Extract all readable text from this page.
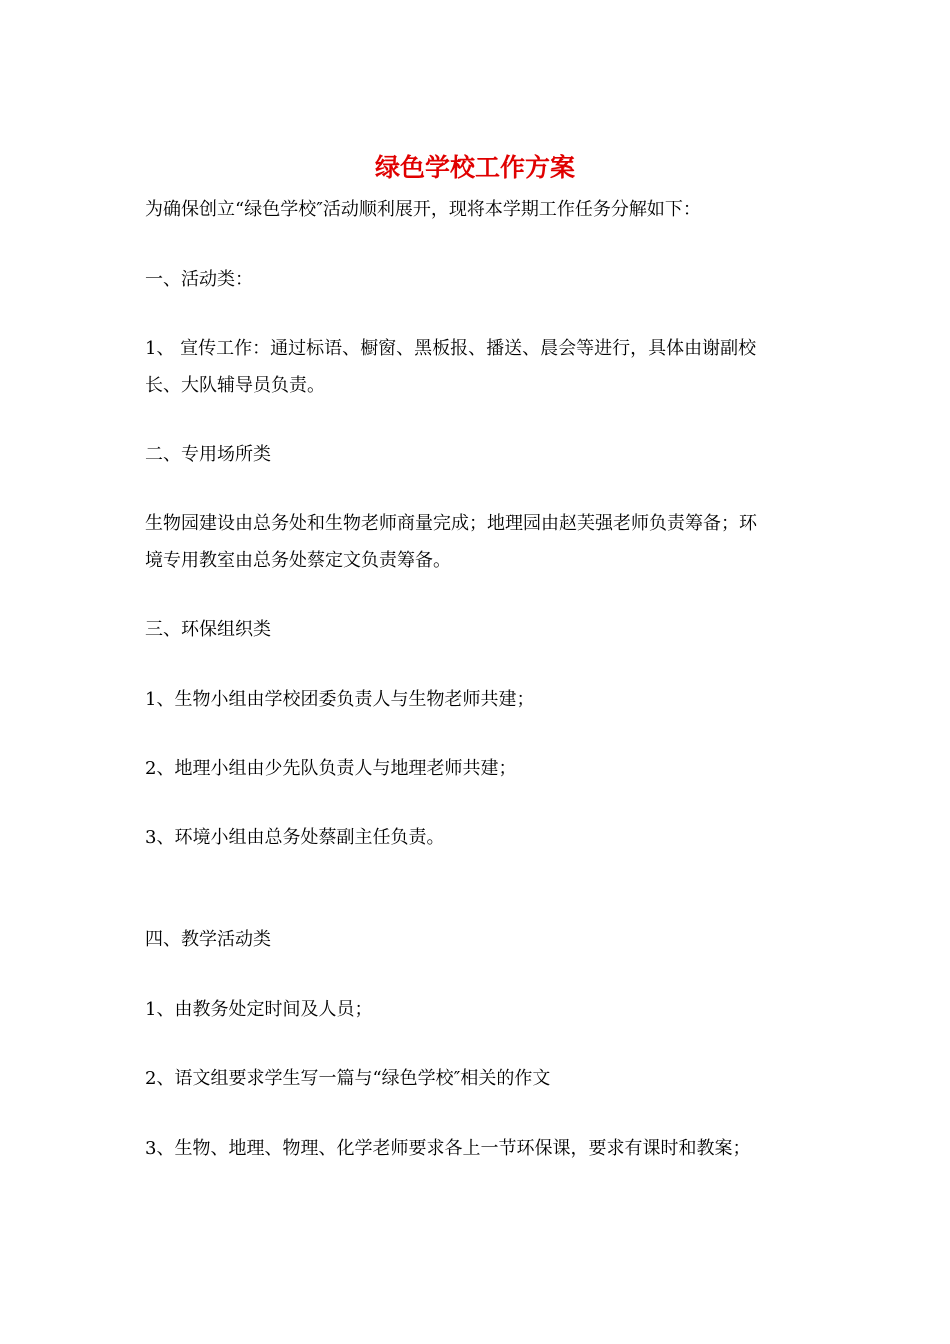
绿色学校工作方案

为确保创立“绿色学校″活动顺利展开，现将本学期工作任务分解如下：

一、活动类：

1、 宣传工作：通过标语、橱窗、黑板报、播送、晨会等进行，具体由谢副校

长、大队辅导员负责。

二、专用场所类

生物园建设由总务处和生物老师商量完成；地理园由赵芙强老师负责筹备；环

境专用教室由总务处蔡定文负责筹备。

三、环保组织类

1、生物小组由学校团委负责人与生物老师共建；

2、地理小组由少先队负责人与地理老师共建；

3、环境小组由总务处蔡副主任负责。

四、教学活动类

1、由教务处定时间及人员；

2、语文组要求学生写一篇与“绿色学校″相关的作文

3、生物、地理、物理、化学老师要求各上一节环保课，要求有课时和教案；
